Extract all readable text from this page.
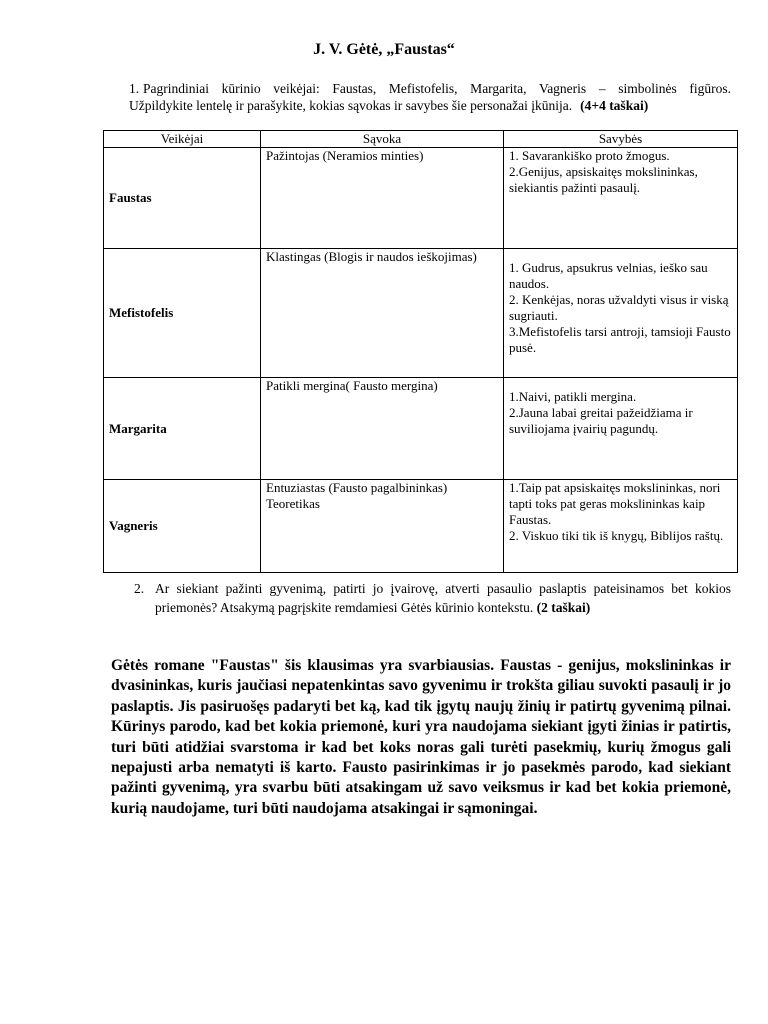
J. V. Gėtė, „Faustas“
1. Pagrindiniai kūrinio veikėjai: Faustas, Mefistofelis, Margarita, Vagneris – simbolinės figūros.
Užpildykite lentelę ir parašykite, kokias sąvokas ir savybes šie personažai įkūnija. (4+4 taškai)
Veikėjai	Sąvoka	Savybės
Faustas	Pažintojas (Neramios minties)	1. Savarankiško proto žmogus.

2.Genijus, apsiskaitęs mokslininkas, siekiantis pažinti pasaulį.

Mefistofelis	Klastingas (Blogis ir naudos ieškojimas)	1. Gudrus, apsukrus velnias, ieško sau naudos.

2. Kenkėjas, noras užvaldyti visus ir viską sugriauti.

3.Mefistofelis tarsi antroji, tamsioji Fausto pusė.

Margarita	Patikli mergina( Fausto mergina)	1.Naivi, patikli mergina.

2.Jauna labai greitai pažeidžiama ir suviliojama įvairių pagundų.

Vagneris	Entuziastas (Fausto pagalbininkas) Teoretikas	1.Taip pat apsiskaitęs mokslininkas, nori tapti toks pat geras mokslininkas kaip Faustas.

2. Viskuo tiki tik iš knygų, Biblijos raštų.

2. Ar siekiant pažinti gyvenimą, patirti jo įvairovę, atverti pasaulio paslaptis pateisinamos bet kokios priemonės? Atsakymą pagrįskite remdamiesi Gėtės kūrinio kontekstu. (2 taškai)
Gėtės romane "Faustas" šis klausimas yra svarbiausias. Faustas - genijus, mokslininkas ir dvasininkas, kuris jaučiasi nepatenkintas savo gyvenimu ir trokšta giliau suvokti pasaulį ir jo paslaptis. Jis pasiruošęs padaryti bet ką, kad tik įgytų naujų žinių ir patirtų gyvenimą pilnai. Kūrinys parodo, kad bet kokia priemonė, kuri yra naudojama siekiant įgyti žinias ir patirtis, turi būti atidžiai svarstoma ir kad bet koks noras gali turėti pasekmių, kurių žmogus gali nepajusti arba nematyti iš karto. Fausto pasirinkimas ir jo pasekmės parodo, kad siekiant pažinti gyvenimą, yra svarbu būti atsakingam už savo veiksmus ir kad bet kokia priemonė, kurią naudojame, turi būti naudojama atsakingai ir sąmoningai.
